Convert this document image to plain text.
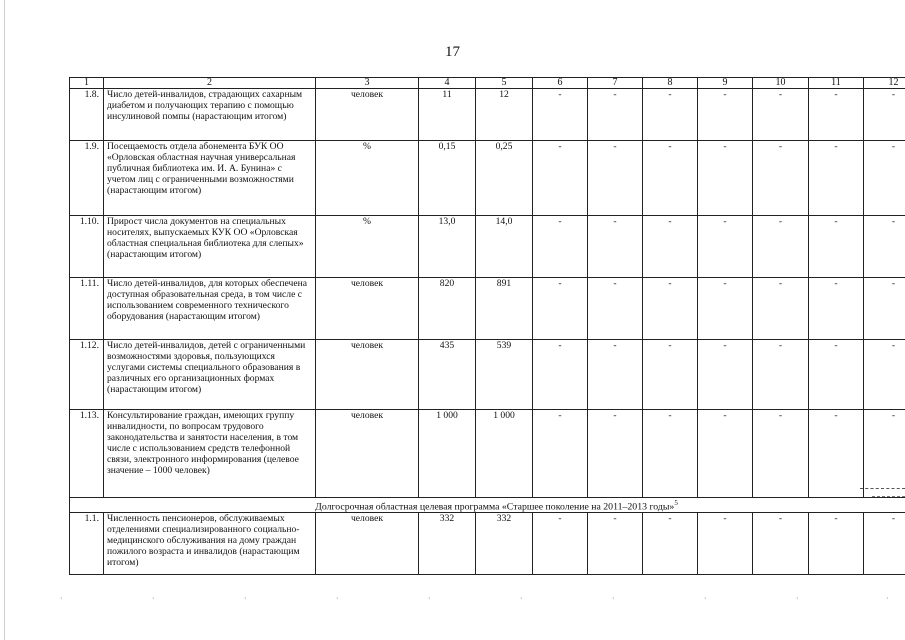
17
1	2	3	4	5	6	7	8	9	10	11	12
1.8.	Число детей-инвалидов, страдающих сахарным диабетом и получающих терапию с помощью инсулиновой помпы (нарастающим итогом)	человек	11	12	-	-	-	-	-	-	-
1.9.	Посещаемость отдела абонемента БУК ОО «Орловская областная научная универсальная публичная библиотека им. И. А. Бунина» с учетом лиц с ограниченными возможностями (нарастающим итогом)	%	0,15	0,25	-	-	-	-	-	-	-
1.10.	Прирост числа документов на специальных носителях, выпускаемых КУК ОО «Орловская областная специальная библиотека для слепых» (нарастающим итогом)	%	13,0	14,0	-	-	-	-	-	-	-
1.11.	Число детей-инвалидов, для которых обеспечена доступная образовательная среда, в том числе с использованием современного технического оборудования (нарастающим итогом)	человек	820	891	-	-	-	-	-	-	-
1.12.	Число детей-инвалидов, детей с ограниченными возможностями здоровья, пользующихся услугами системы специального образования в различных его организационных формах (нарастающим итогом)	человек	435	539	-	-	-	-	-	-	-
1.13.	Консультирование граждан, имеющих группу инвалидности, по вопросам трудового законодательства и занятости населения, в том числе с использованием средств телефонной связи, электронного информирования (целевое значение – 1000 человек)	человек	1 000	1 000	-	-	-	-	-	-	-
Долгосрочная областная целевая программа «Старшее поколение на 2011–2013 годы»$^5$
1.1.	Численность пенсионеров, обслуживаемых отделениями специализированного социально-медицинского обслуживания на дому граждан пожилого возраста и инвалидов (нарастающим итогом)	человек	332	332	-	-	-	-	-	-	-
·	·	·	·	·	·	·	·	·	·
